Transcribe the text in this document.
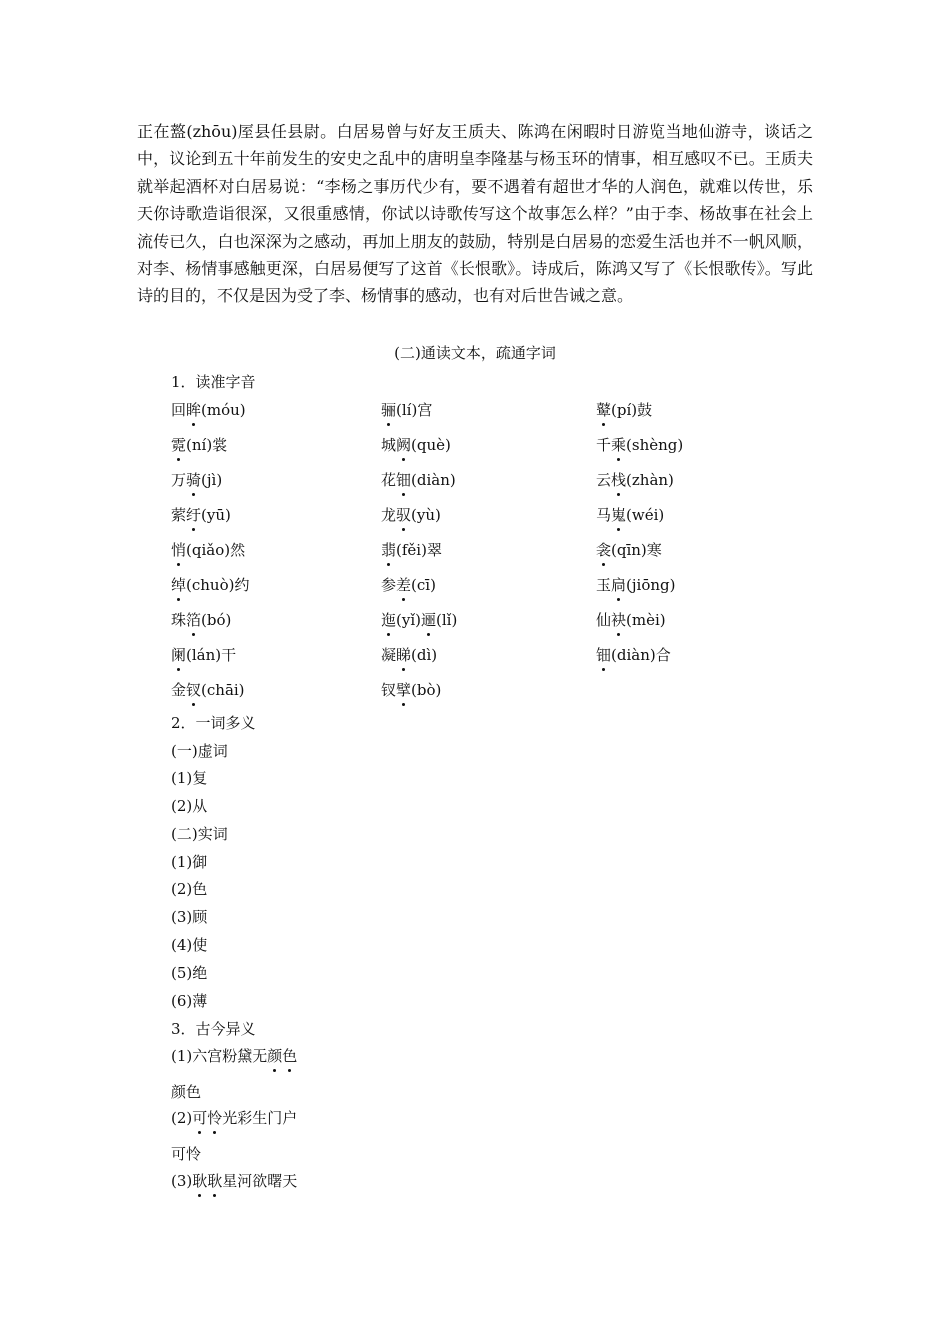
正在盩(zhōu)厔县任县尉。白居易曾与好友王质夫、陈鸿在闲暇时日游览当地仙游寺，谈话之中，议论到五十年前发生的安史之乱中的唐明皇李隆基与杨玉环的情事，相互感叹不已。王质夫就举起酒杯对白居易说：“李杨之事历代少有，要不遇着有超世才华的人润色，就难以传世，乐天你诗歌造诣很深，又很重感情，你试以诗歌传写这个故事怎么样？”由于李、杨故事在社会上流传已久，白也深深为之感动，再加上朋友的鼓励，特别是白居易的恋爱生活也并不一帆风顺，对李、杨情事感触更深，白居易便写了这首《长恨歌》。诗成后，陈鸿又写了《长恨歌传》。写此诗的目的，不仅是因为受了李、杨情事的感动，也有对后世告诫之意。

(二)通读文本，疏通字词
1．读准字音
回眸(móu)	骊(lí)宫	鼙(pí)鼓
霓(ní)裳	城阙(què)	千乘(shèng)
万骑(jì)	花钿(diàn)	云栈(zhàn)
萦纡(yū)	龙驭(yù)	马嵬(wéi)
悄(qiǎo)然	翡(fěi)翠	衾(qīn)寒
绰(chuò)约	参差(cī)	玉扃(jiōng)
珠箔(bó)	迤(yǐ)逦(lǐ)	仙袂(mèi)
阑(lán)干	凝睇(dì)	钿(diàn)合
金钗(chāi)	钗擘(bò)
2．一词多义
(一)虚词
(1)复
(2)从
(二)实词
(1)御
(2)色
(3)顾
(4)使
(5)绝
(6)薄
3．古今异义
(1)六宫粉黛无颜色
颜色
(2)可怜光彩生门户
可怜
(3)耿耿星河欲曙天
